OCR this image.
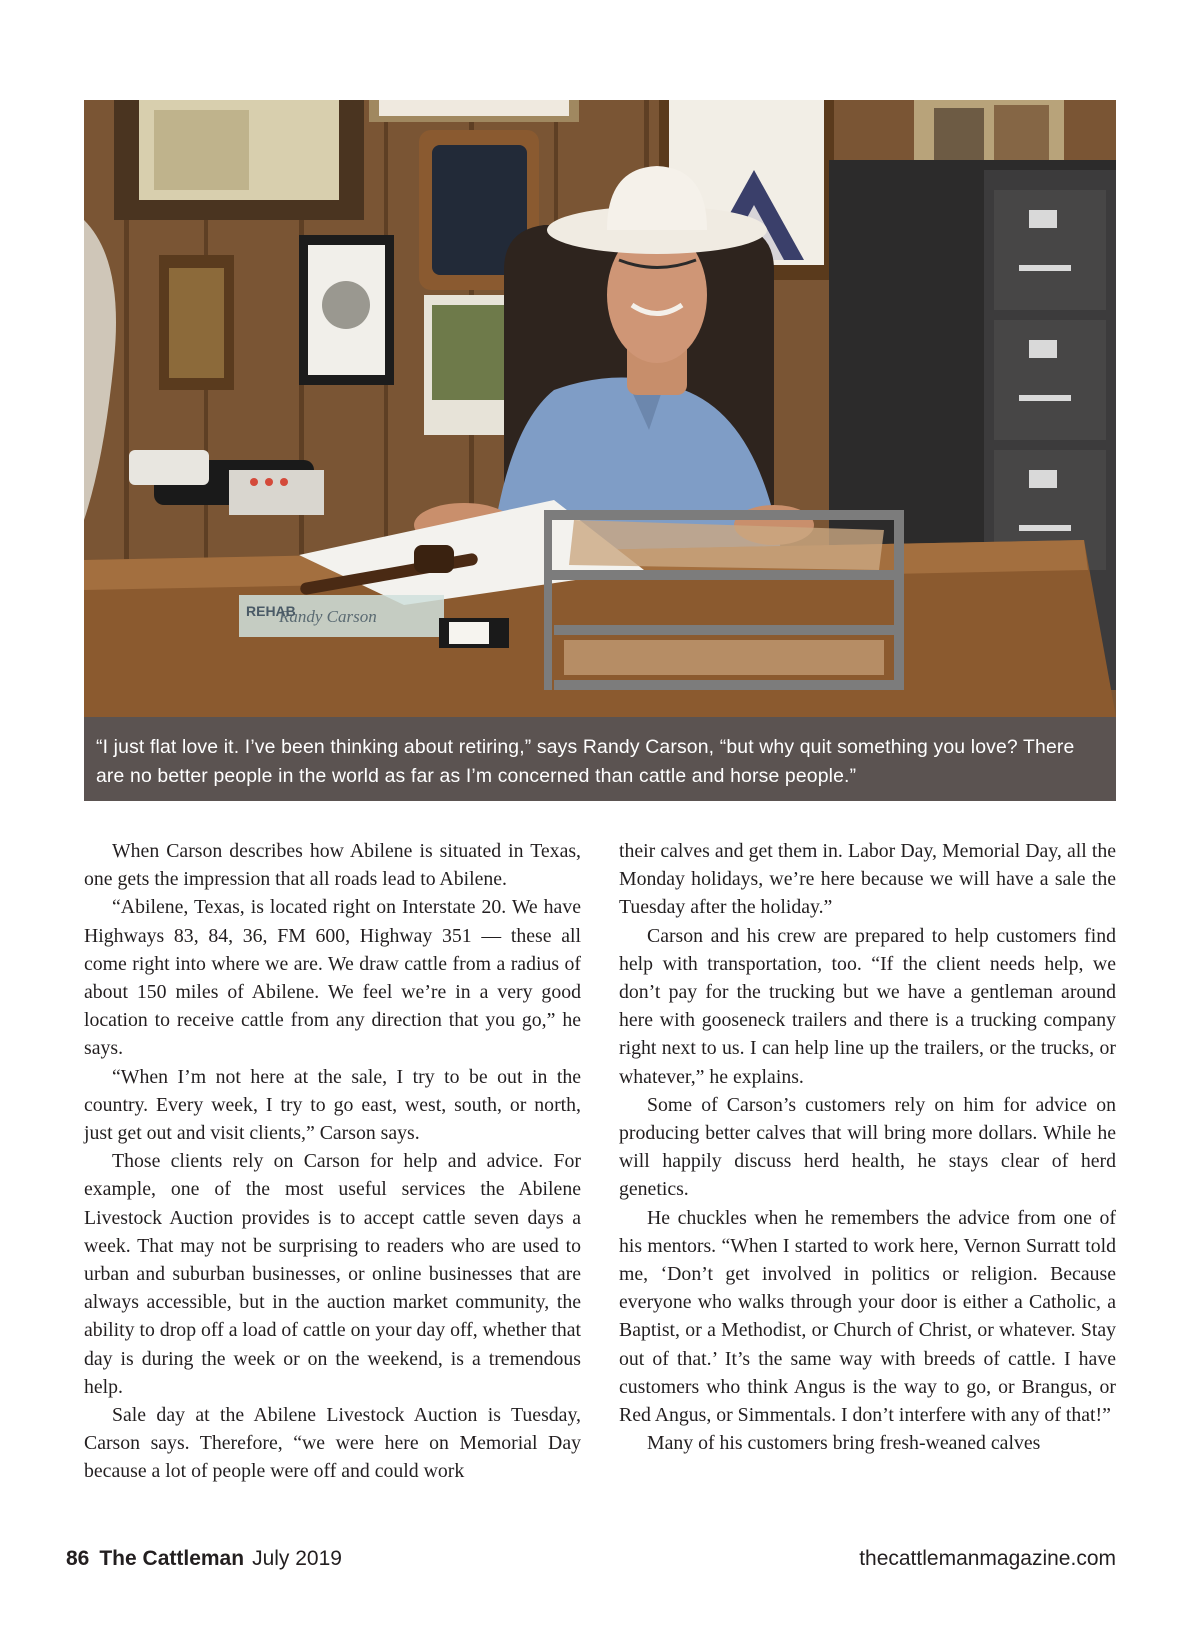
Randy Carson
REHAB

“I just flat love it. I’ve been thinking about retiring,” says Randy Carson, “but why quit something you love? There are no better people in the world as far as I’m concerned than cattle and horse people.”

When Carson describes how Abilene is situated in Texas, one gets the impression that all roads lead to Abilene.

“Abilene, Texas, is located right on Interstate 20. We have Highways 83, 84, 36, FM 600, Highway 351 — these all come right into where we are. We draw cattle from a radius of about 150 miles of Abilene. We feel we’re in a very good location to receive cattle from any direction that you go,” he says.

“When I’m not here at the sale, I try to be out in the country. Every week, I try to go east, west, south, or north, just get out and visit clients,” Carson says.

Those clients rely on Carson for help and advice. For example, one of the most useful services the Abilene Livestock Auction provides is to accept cattle seven days a week. That may not be surprising to readers who are used to urban and suburban businesses, or online businesses that are always accessible, but in the auction market community, the ability to drop off a load of cattle on your day off, whether that day is during the week or on the weekend, is a tremendous help.

Sale day at the Abilene Livestock Auction is Tuesday, Carson says. Therefore, “we were here on Memorial Day because a lot of people were off and could work

their calves and get them in. Labor Day, Memorial Day, all the Monday holidays, we’re here because we will have a sale the Tuesday after the holiday.”

Carson and his crew are prepared to help customers find help with transportation, too. “If the client needs help, we don’t pay for the trucking but we have a gentleman around here with gooseneck trailers and there is a trucking company right next to us. I can help line up the trailers, or the trucks, or whatever,” he explains.

Some of Carson’s customers rely on him for advice on producing better calves that will bring more dollars. While he will happily discuss herd health, he stays clear of herd genetics.

He chuckles when he remembers the advice from one of his mentors. “When I started to work here, Vernon Surratt told me, ‘Don’t get involved in politics or religion. Because everyone who walks through your door is either a Catholic, a Baptist, or a Methodist, or Church of Christ, or whatever. Stay out of that.’ It’s the same way with breeds of cattle. I have customers who think Angus is the way to go, or Brangus, or Red Angus, or Simmentals. I don’t interfere with any of that!”

Many of his customers bring fresh-weaned calves

86 The Cattleman July 2019	thecattlemanmagazine.com
